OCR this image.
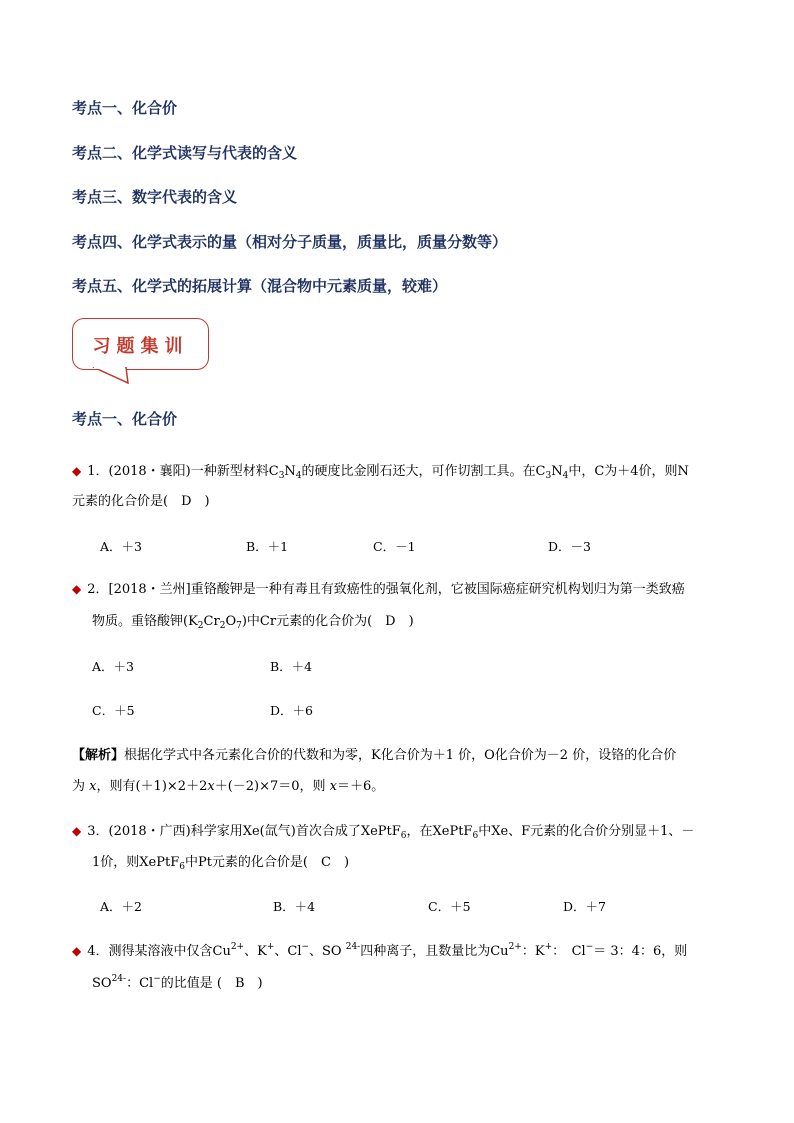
考点一、化合价
考点二、化学式读写与代表的含义
考点三、数字代表的含义
考点四、化学式表示的量（相对分子质量，质量比，质量分数等）
考点五、化学式的拓展计算（混合物中元素质量，较难）
习题集训
考点一、化合价
◆ 1．(2018・襄阳)一种新型材料$C_3N_4$的硬度比金刚石还大，可作切割工具。在$C_3N_4$中，C为＋4价，则N
元素的化合价是(　D　)
A．＋3	B．＋1	C．－1	D．－3
◆ 2．[2018・兰州]重铬酸钾是一种有毒且有致癌性的强氧化剂，它被国际癌症研究机构划归为第一类致癌
物质。重铬酸钾$(K_2Cr_2O_7)$中Cr元素的化合价为(　D　)
A．＋3	B．＋4
C．＋5	D．＋6
【解析】根据化学式中各元素化合价的代数和为零，K化合价为＋1 价，O化合价为－2 价，设铬的化合价
为 x，则有(＋1)×2＋2x＋(－2)×7＝0，则 x＝＋6。
◆ 3．(2018・广西)科学家用Xe(氙气)首次合成了XePtF$_6$，在XePtF$_6$中Xe、F元素的化合价分别显＋1、－
1价，则XePtF$_6$中Pt元素的化合价是(　C　)
A．＋2	B．＋4	C．＋5	D．＋7
◆ 4．测得某溶液中仅含$Cu^{2+}$、K+、Cl−、SO $^{24-}$四种离子，且数量比为$Cu^{2+}$：K+：　Cl−＝ 3：4：6，则
$SO^{24-}$：Cl−的比值是 (　B　)
